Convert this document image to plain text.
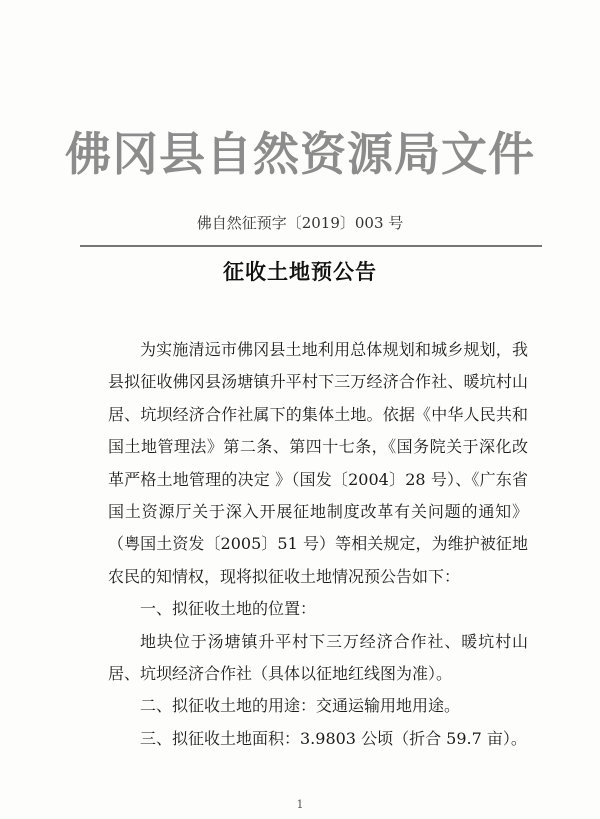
佛冈县自然资源局文件
佛自然征预字〔2019〕003 号
征收土地预公告

为实施清远市佛冈县土地利用总体规划和城乡规划，我县拟征收佛冈县汤塘镇升平村下三万经济合作社、暖坑村山居、坑坝经济合作社属下的集体土地。依据《中华人民共和国土地管理法》第二条、第四十七条，《国务院关于深化改革严格土地管理的决定 》（国发〔2004〕28 号）、《广东省国土资源厅关于深入开展征地制度改革有关问题的通知》（粤国土资发〔2005〕51 号）等相关规定，为维护被征地农民的知情权，现将拟征收土地情况预公告如下：

一、拟征收土地的位置：

地块位于汤塘镇升平村下三万经济合作社、暖坑村山居、坑坝经济合作社（具体以征地红线图为准）。

二、拟征收土地的用途：交通运输用地用途。

三、拟征收土地面积：3.9803 公顷（折合 59.7 亩）。

1
